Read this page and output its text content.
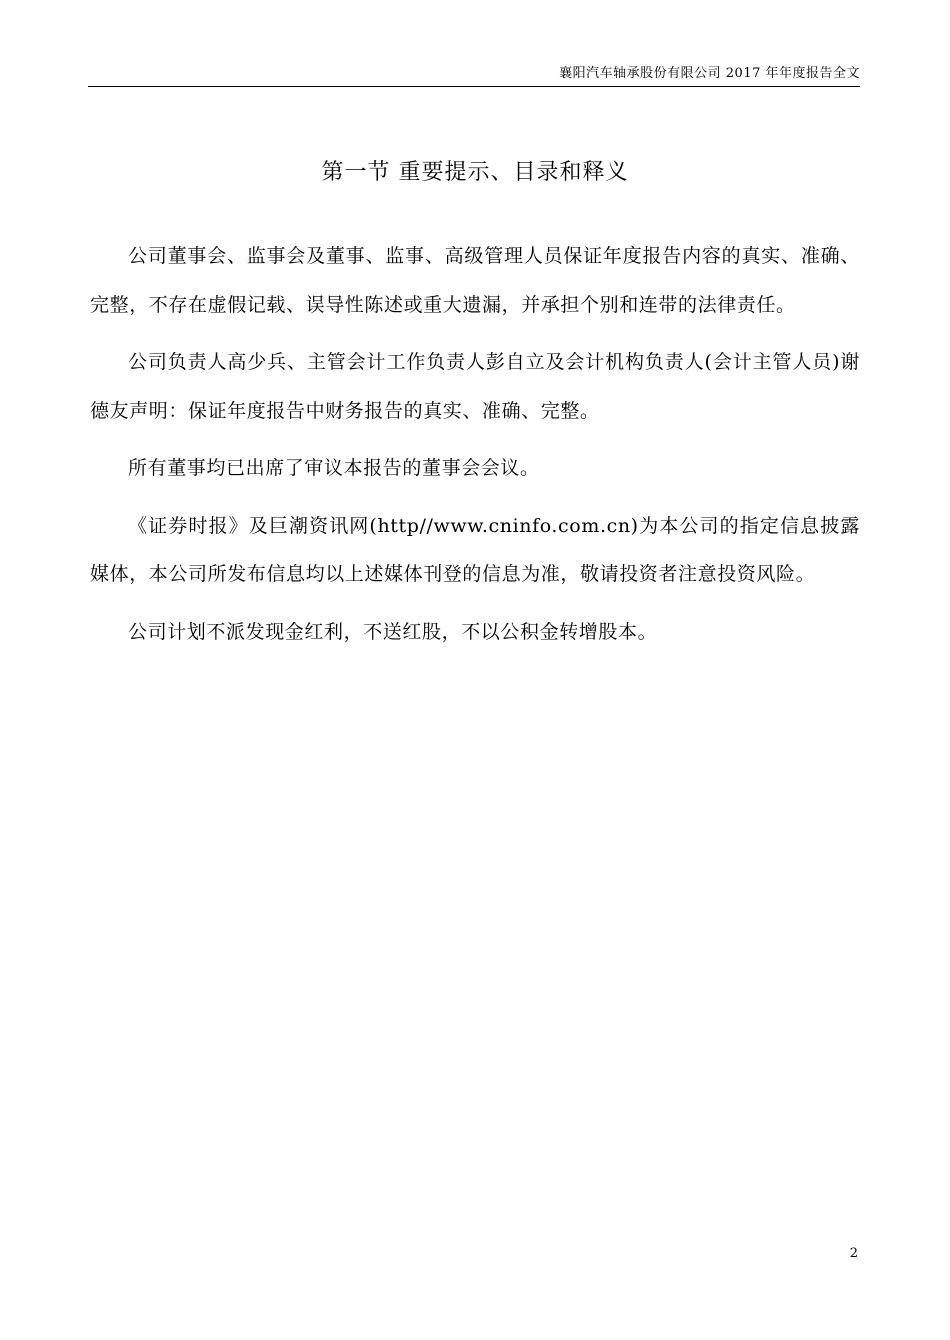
襄阳汽车轴承股份有限公司 2017 年年度报告全文
第一节 重要提示、目录和释义

公司董事会、监事会及董事、监事、高级管理人员保证年度报告内容的真实、准确、完整，不存在虚假记载、误导性陈述或重大遗漏，并承担个别和连带的法律责任。

公司负责人高少兵、主管会计工作负责人彭自立及会计机构负责人(会计主管人员)谢德友声明：保证年度报告中财务报告的真实、准确、完整。

所有董事均已出席了审议本报告的董事会会议。

《证券时报》及巨潮资讯网(http//www.cninfo.com.cn)为本公司的指定信息披露媒体，本公司所发布信息均以上述媒体刊登的信息为准，敬请投资者注意投资风险。

公司计划不派发现金红利，不送红股，不以公积金转增股本。

2
